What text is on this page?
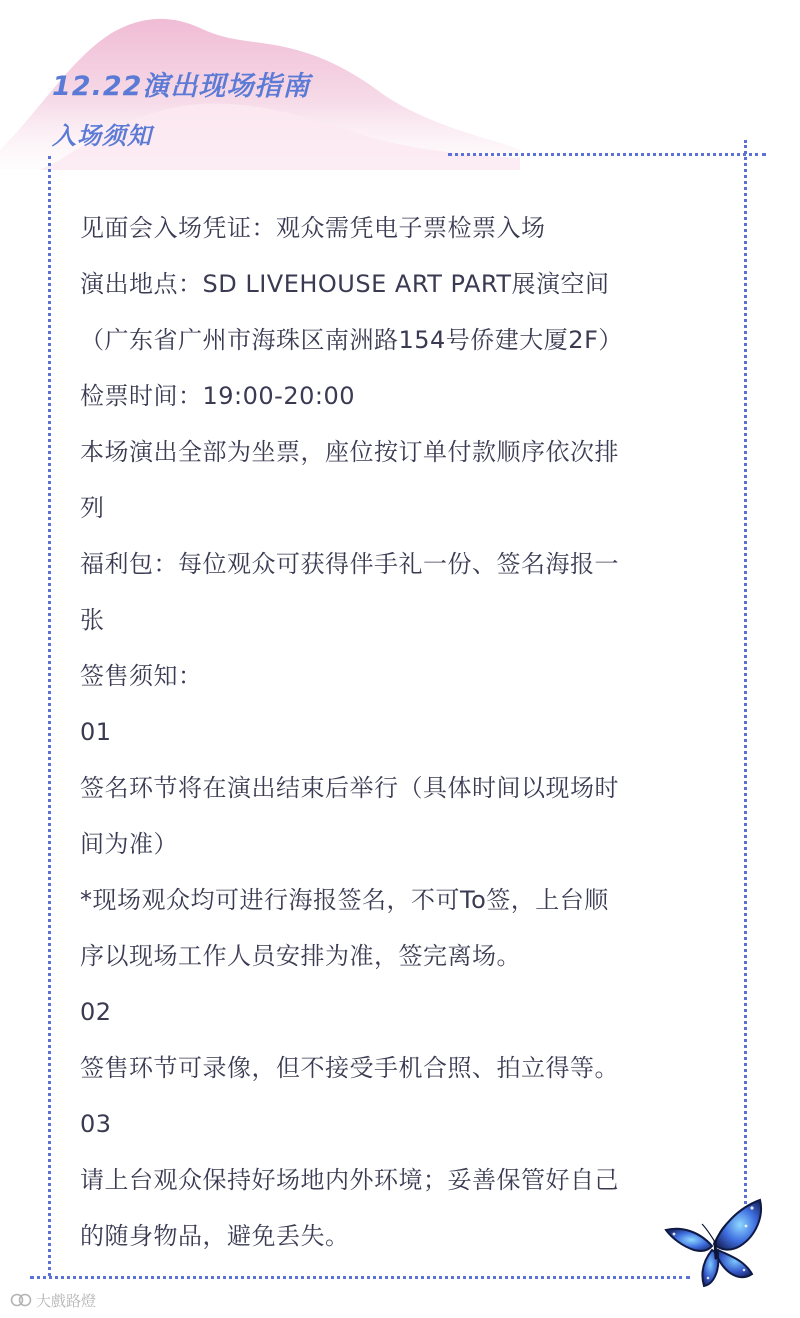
12.22演出现场指南
入场须知
见面会入场凭证：观众需凭电子票检票入场
演出地点：SD LIVEHOUSE ART PART展演空间
（广东省广州市海珠区南洲路154号侨建大厦2F）
检票时间：19:00-20:00
本场演出全部为坐票，座位按订单付款顺序依次排
列
福利包：每位观众可获得伴手礼一份、签名海报一
张
签售须知：
01
签名环节将在演出结束后举行（具体时间以现场时
间为准）
*现场观众均可进行海报签名，不可To签，上台顺
序以现场工作人员安排为准，签完离场。
02
签售环节可录像，但不接受手机合照、拍立得等。
03
请上台观众保持好场地内外环境；妥善保管好自己
的随身物品，避免丢失。
大戲路燈
